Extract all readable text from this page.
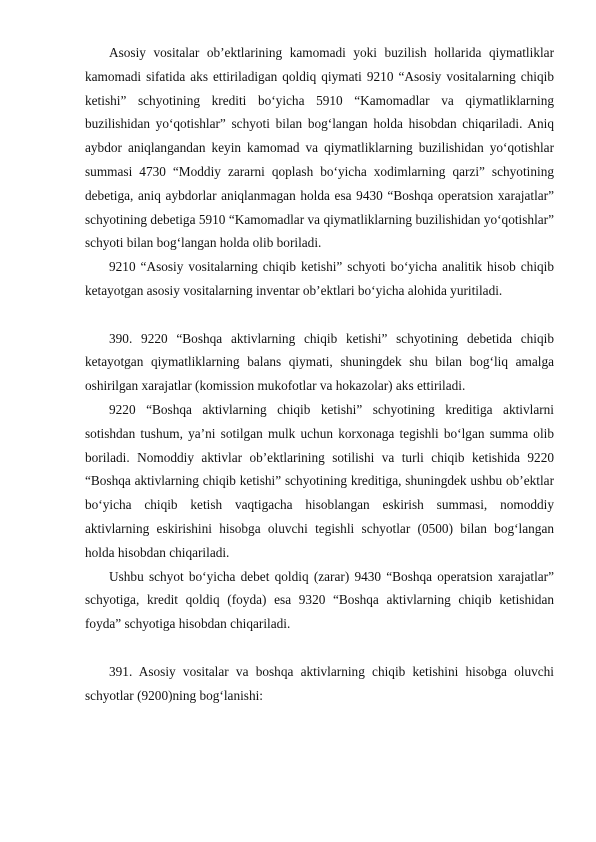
Asosiy vositalar ob’ektlarining kamomadi yoki buzilish hollarida qiymatliklar kamomadi sifatida aks ettiriladigan qoldiq qiymati 9210 “Asosiy vositalarning chiqib ketishi” schyotining krediti bo‘yicha 5910 “Kamomadlar va qiymatliklarning buzilishidan yo‘qotishlar” schyoti bilan bog‘langan holda hisobdan chiqariladi. Aniq aybdor aniqlangandan keyin kamomad va qiymatliklarning buzilishidan yo‘qotishlar summasi 4730 “Moddiy zararni qoplash bo‘yicha xodimlarning qarzi” schyotining debetiga, aniq aybdorlar aniqlanmagan holda esa 9430 “Boshqa operatsion xarajatlar” schyotining debetiga 5910 “Kamomadlar va qiymatliklarning buzilishidan yo‘qotishlar” schyoti bilan bog‘langan holda olib boriladi.

9210 “Asosiy vositalarning chiqib ketishi” schyoti bo‘yicha analitik hisob chiqib ketayotgan asosiy vositalarning inventar ob’ektlari bo‘yicha alohida yuritiladi.

390. 9220 “Boshqa aktivlarning chiqib ketishi” schyotining debetida chiqib ketayotgan qiymatliklarning balans qiymati, shuningdek shu bilan bog‘liq amalga oshirilgan xarajatlar (komission mukofotlar va hokazolar) aks ettiriladi.

9220 “Boshqa aktivlarning chiqib ketishi” schyotining kreditiga aktivlarni sotishdan tushum, ya’ni sotilgan mulk uchun korxonaga tegishli bo‘lgan summa olib boriladi. Nomoddiy aktivlar ob’ektlarining sotilishi va turli chiqib ketishida 9220 “Boshqa aktivlarning chiqib ketishi” schyotining kreditiga, shuningdek ushbu ob’ektlar bo‘yicha chiqib ketish vaqtigacha hisoblangan eskirish summasi, nomoddiy aktivlarning eskirishini hisobga oluvchi tegishli schyotlar (0500) bilan bog‘langan holda hisobdan chiqariladi.

Ushbu schyot bo‘yicha debet qoldiq (zarar) 9430 “Boshqa operatsion xarajatlar” schyotiga, kredit qoldiq (foyda) esa 9320 “Boshqa aktivlarning chiqib ketishidan foyda” schyotiga hisobdan chiqariladi.

391. Asosiy vositalar va boshqa aktivlarning chiqib ketishini hisobga oluvchi schyotlar (9200)ning bog‘lanishi:
